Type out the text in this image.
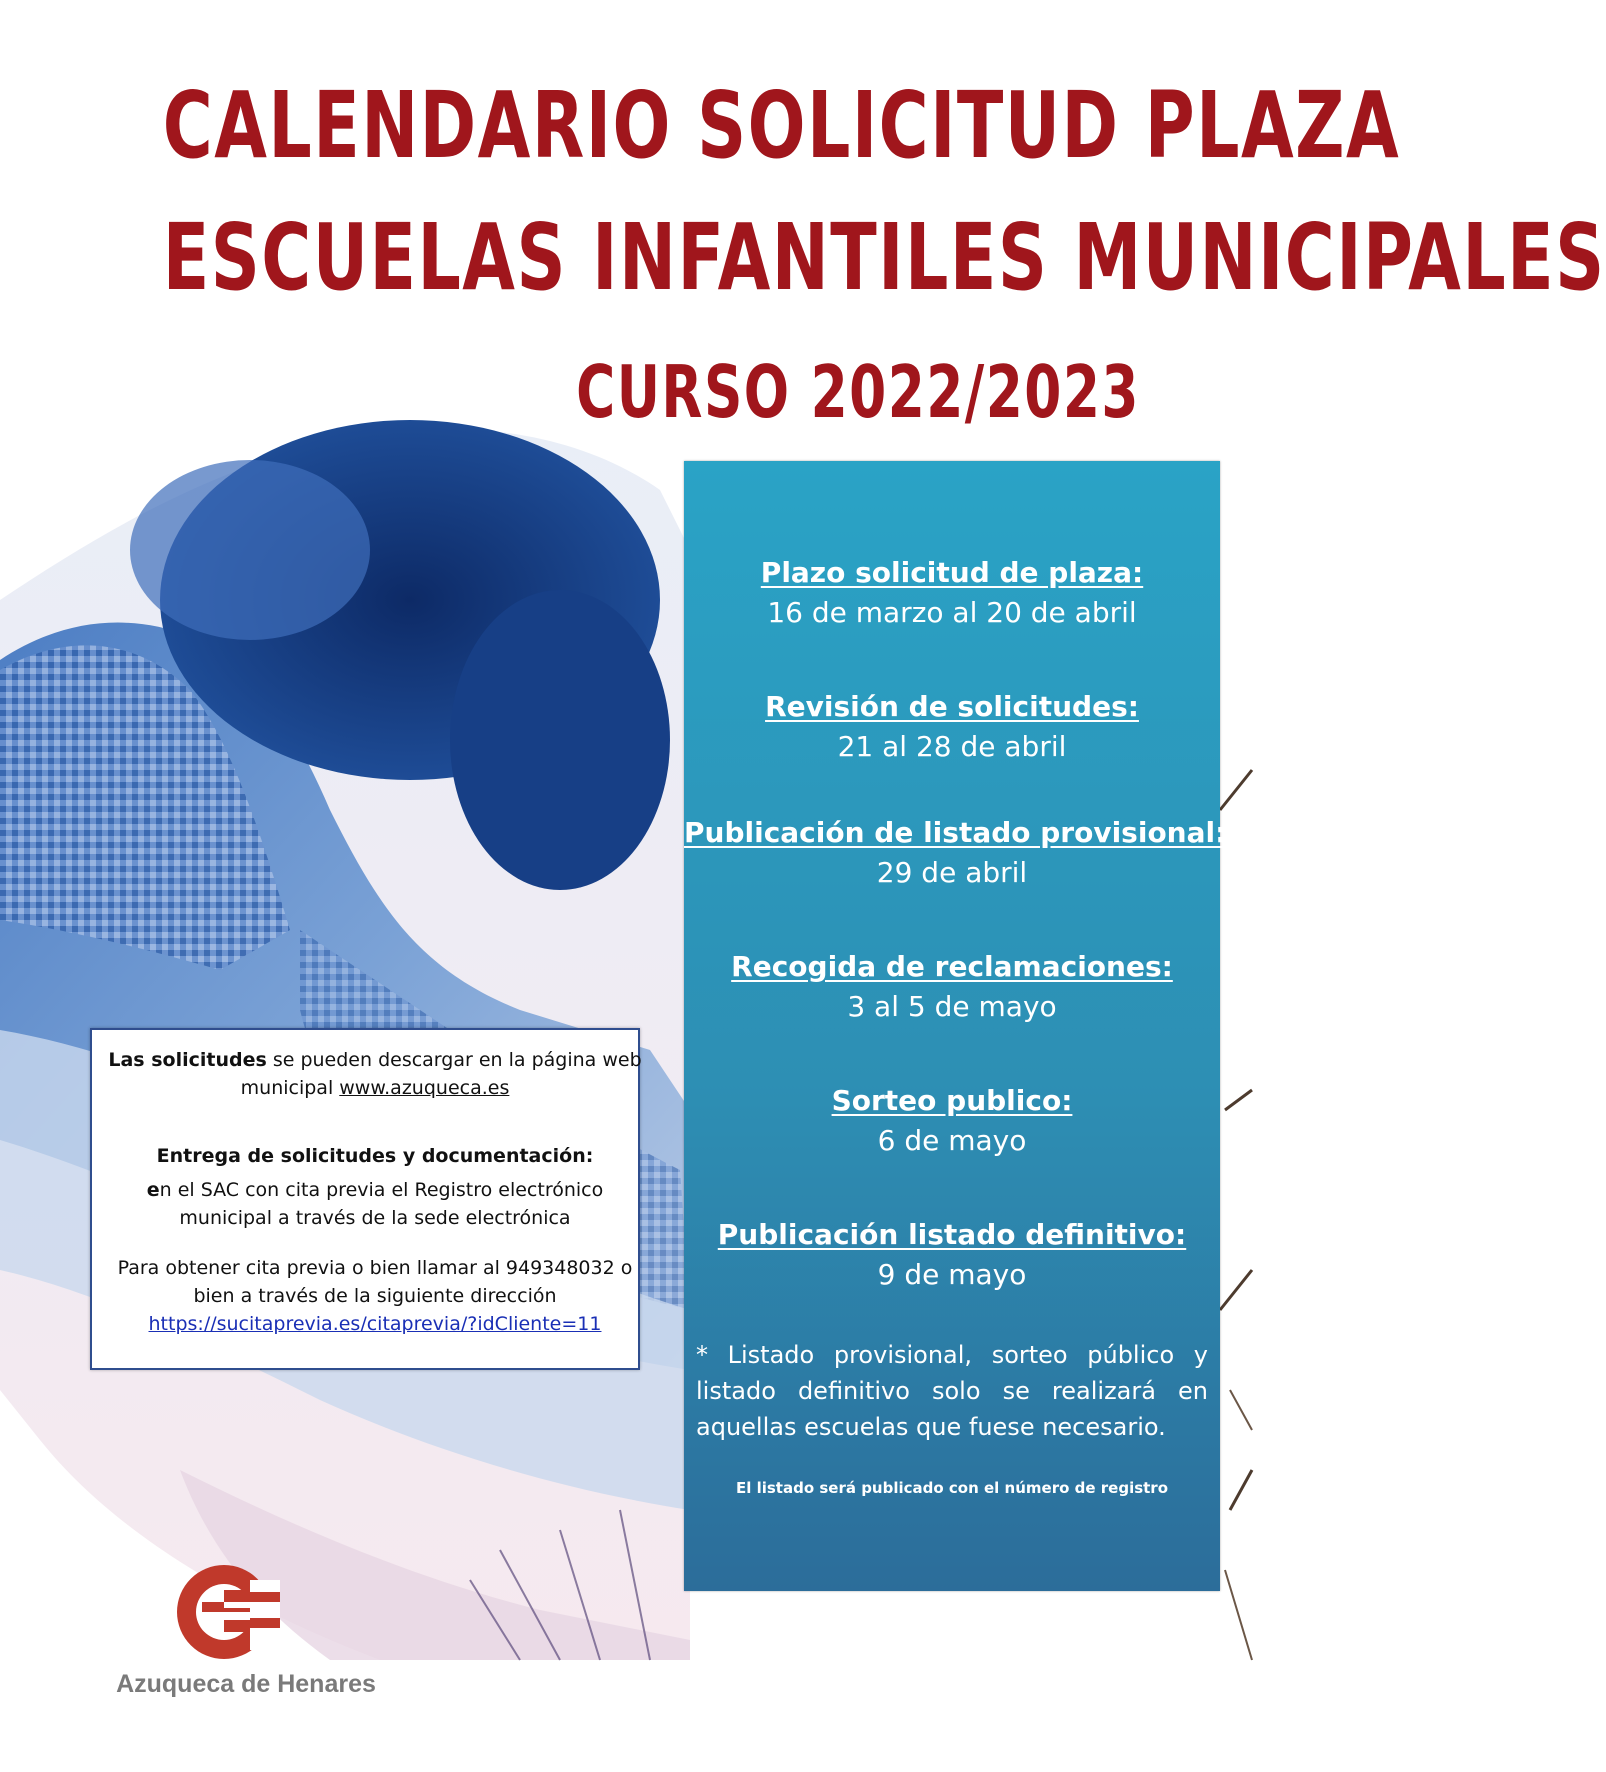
CALENDARIO SOLICITUD PLAZA
ESCUELAS INFANTILES MUNICIPALES
CURSO 2022/2023
Plazo solicitud de plaza:
16 de marzo al 20 de abril
Revisión de solicitudes:
21 al 28 de abril
Publicación de listado provisional:
29 de abril
Recogida de reclamaciones:
3 al 5 de mayo
Sorteo publico:
6 de mayo
Publicación listado definitivo:
9 de mayo
* Listado provisional, sorteo público y listado definitivo solo se realizará en aquellas escuelas que fuese necesario.
El listado será publicado con el número de registro

Las solicitudes se pueden descargar en la página web municipal www.azuqueca.es

Entrega de solicitudes y documentación:
en el SAC con cita previa el Registro electrónico municipal a través de la sede electrónica

Para obtener cita previa o bien llamar al 949348032 o bien a través de la siguiente dirección
https://sucitaprevia.es/citaprevia/?idCliente=11

Azuqueca de Henares
